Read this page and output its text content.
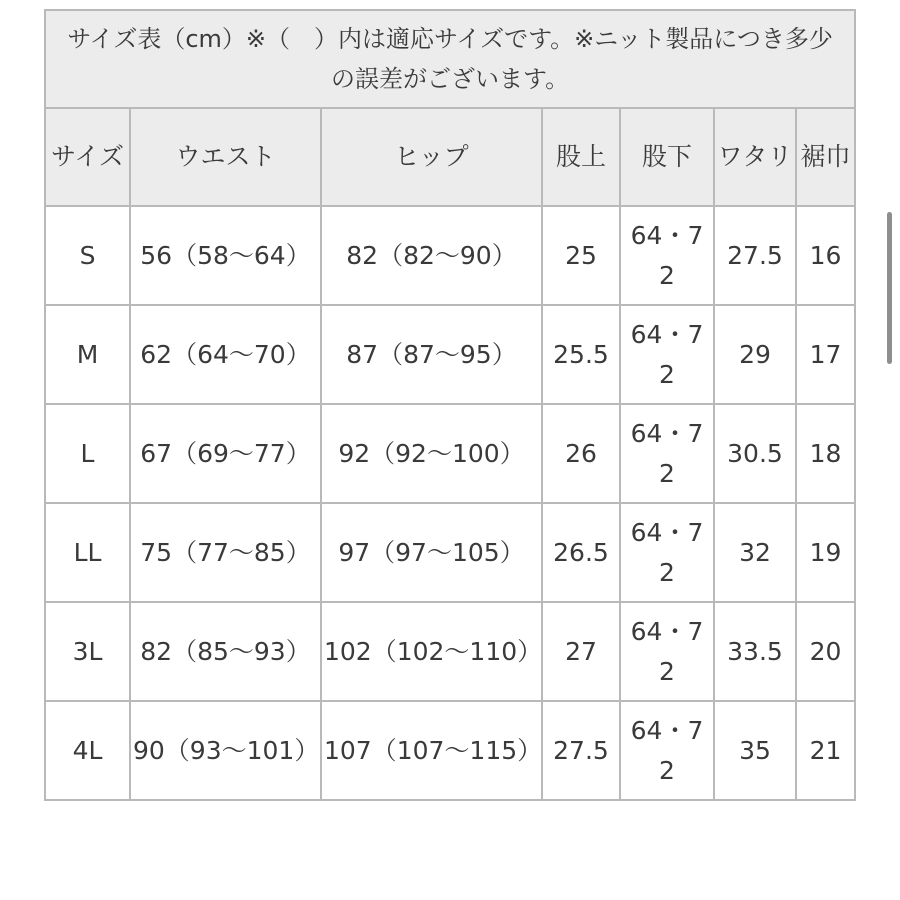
サイズ表（cm）※（　）内は適応サイズです。※ニット製品につき多少の誤差がございます。						
サイズ	ウエスト	ヒップ	股上	股下	ワタリ	裾巾
S	56（58〜64）	82（82〜90）	25	64・72	27.5	16
M	62（64〜70）	87（87〜95）	25.5	64・72	29	17
L	67（69〜77）	92（92〜100）	26	64・72	30.5	18
LL	75（77〜85）	97（97〜105）	26.5	64・72	32	19
3L	82（85〜93）	102（102〜110）	27	64・72	33.5	20
4L	90（93〜101）	107（107〜115）	27.5	64・72	35	21
